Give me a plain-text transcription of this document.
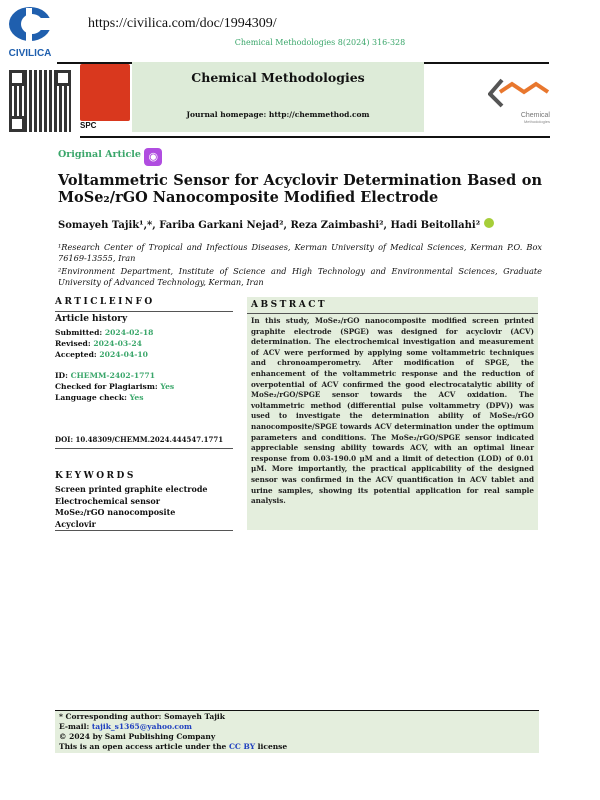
CIVILICA
https://civilica.com/doc/1994309/
Chemical Methodologies 8(2024) 316-328
SPC
Chemical Methodologies
Journal homepage: http://chemmethod.com	Chemical
Methodologies
Original Article ◉
Voltammetric Sensor for Acyclovir Determination Based on
MoSe₂/rGO Nanocomposite Modified Electrode
Somayeh Tajik¹,*, Fariba Garkani Nejad², Reza Zaimbashi², Hadi Beitollahi²
¹Research Center of Tropical and Infectious Diseases, Kerman University of Medical Sciences, Kerman P.O. Box 76169-13555, Iran
²Environment Department, Institute of Science and High Technology and Environmental Sciences, Graduate University of Advanced Technology, Kerman, Iran
ARTICLEINFO
Article history
Submitted: 2024-02-18
Revised: 2024-03-24
Accepted: 2024-04-10
ID: CHEMM-2402-1771
Checked for Plagiarism: Yes
Language check: Yes
DOI: 10.48309/CHEMM.2024.444547.1771
KEYWORDS
Screen printed graphite electrode
Electrochemical sensor
MoSe₂/rGO nanocomposite
Acyclovir
ABSTRACT
In this study, MoSe₂/rGO nanocomposite modified screen printed graphite electrode (SPGE) was designed for acyclovir (ACV) determination. The electrochemical investigation and measurement of ACV were performed by applying some voltammetric techniques and chronoamperometry. After modification of SPGE, the enhancement of the voltammetric response and the reduction of overpotential of ACV confirmed the good electrocatalytic ability of MoSe₂/rGO/SPGE sensor towards the ACV oxidation. The voltammetric method (differential pulse voltammetry (DPV)) was used to investigate the determination ability of MoSe₂/rGO nanocomposite/SPGE towards ACV determination under the optimum parameters and conditions. The MoSe₂/rGO/SPGE sensor indicated appreciable sensing ability towards ACV, with an optimal linear response from 0.03-190.0 μM and a limit of detection (LOD) of 0.01 μM. More importantly, the practical applicability of the designed sensor was confirmed in the ACV quantification in ACV tablet and urine samples, showing its potential application for real sample analysis.
* Corresponding author: Somayeh Tajik
E-mail: tajik_s1365@yahoo.com
© 2024 by Sami Publishing Company
This is an open access article under the CC BY license
